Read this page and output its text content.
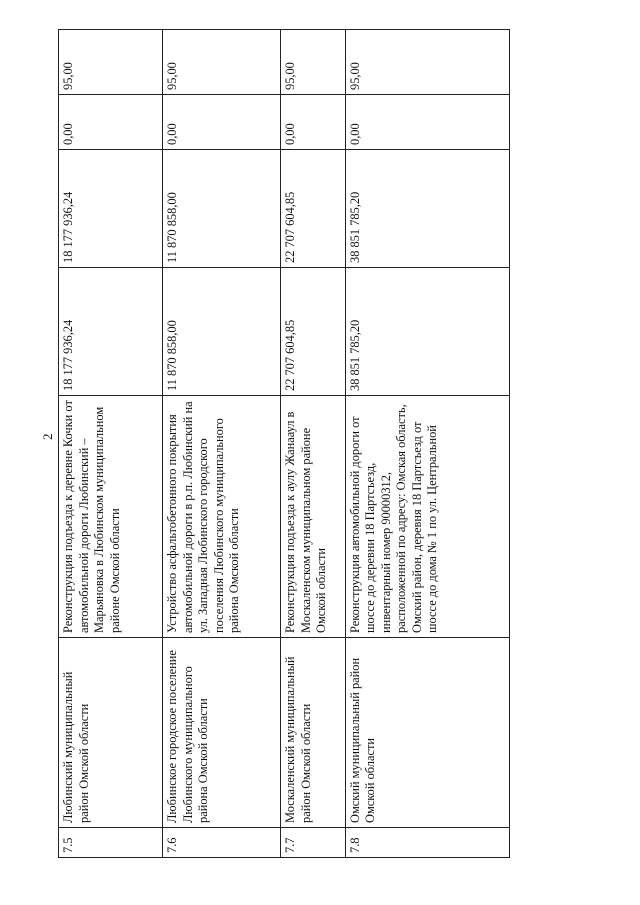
2
7.5	Любинский муниципальный район Омской области	Реконструкция подъезда к деревне Кочки от автомобильной дороги Любинский – Марьяновка в Любинском муниципальном районе Омской области	18 177 936,24	18 177 936,24	0,00	95,00
7.6	Любинское городское поселение Любинского муниципального района Омской области	Устройство асфальтобетонного покрытия автомобильной дороги в р.п. Любинский на ул. Западная Любинского городского поселения Любинского муниципального района Омской области	11 870 858,00	11 870 858,00	0,00	95,00
7.7	Москаленский муниципальный район Омской области	Реконструкция подъезда к аулу Жанааул в Москаленском муниципальном районе Омской области	22 707 604,85	22 707 604,85	0,00	95,00
7.8	Омский муниципальный район Омской области	Реконструкция автомобильной дороги от шоссе до деревни 18 Партсъезд, инвентарный номер 90000312, расположенной по адресу: Омская область, Омский район, деревня 18 Партсъезд от шоссе до дома № 1 по ул. Центральной	38 851 785,20	38 851 785,20	0,00	95,00
